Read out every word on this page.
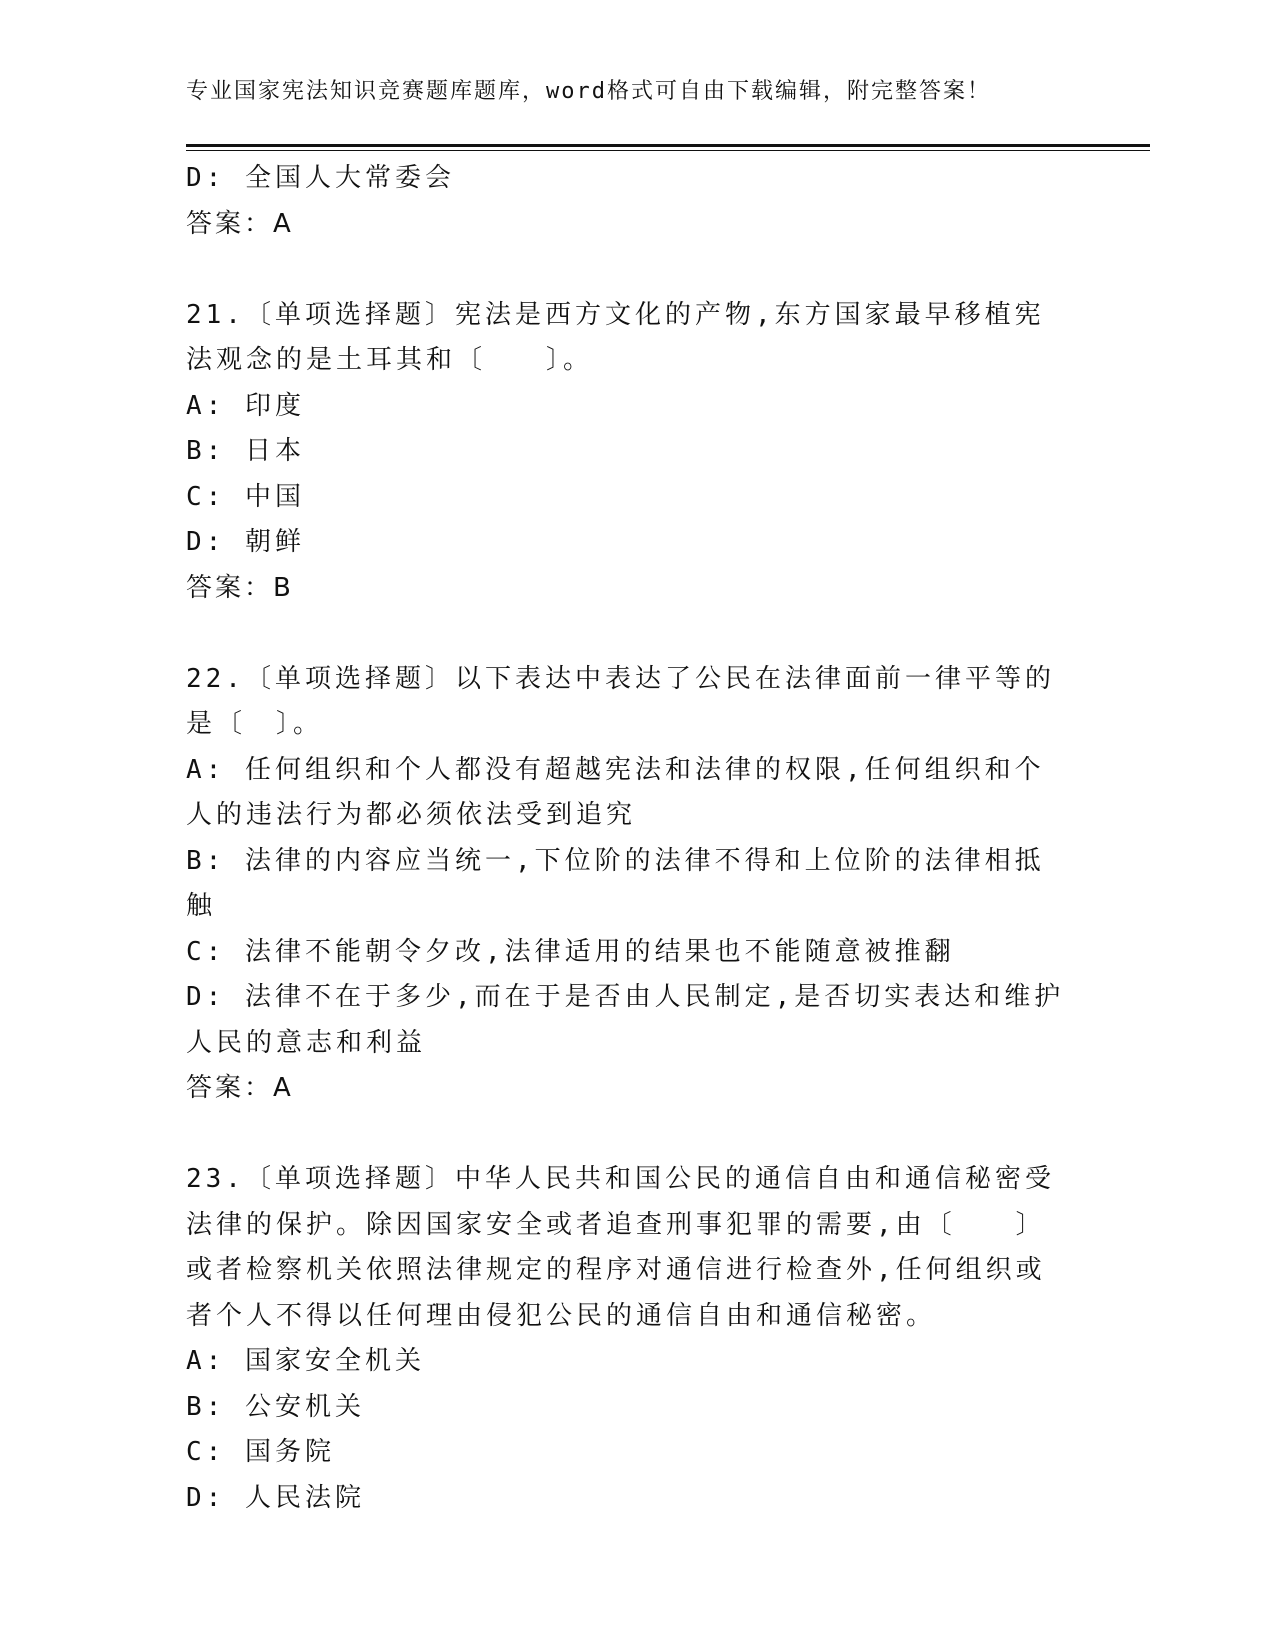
专业国家宪法知识竞赛题库题库，word格式可自由下载编辑，附完整答案！

D: 全国人大常委会

答案：A

21.〔单项选择题〕宪法是西方文化的产物,东方国家最早移植宪法观念的是土耳其和〔　　〕。

A: 印度

B: 日本

C: 中国

D: 朝鲜

答案：B

22.〔单项选择题〕以下表达中表达了公民在法律面前一律平等的是〔　〕。

A: 任何组织和个人都没有超越宪法和法律的权限,任何组织和个人的违法行为都必须依法受到追究

B: 法律的内容应当统一,下位阶的法律不得和上位阶的法律相抵触

C: 法律不能朝令夕改,法律适用的结果也不能随意被推翻

D: 法律不在于多少,而在于是否由人民制定,是否切实表达和维护人民的意志和利益

答案：A

23.〔单项选择题〕中华人民共和国公民的通信自由和通信秘密受法律的保护。除因国家安全或者追查刑事犯罪的需要,由〔　　〕或者检察机关依照法律规定的程序对通信进行检查外,任何组织或者个人不得以任何理由侵犯公民的通信自由和通信秘密。

A: 国家安全机关

B: 公安机关

C: 国务院

D: 人民法院
